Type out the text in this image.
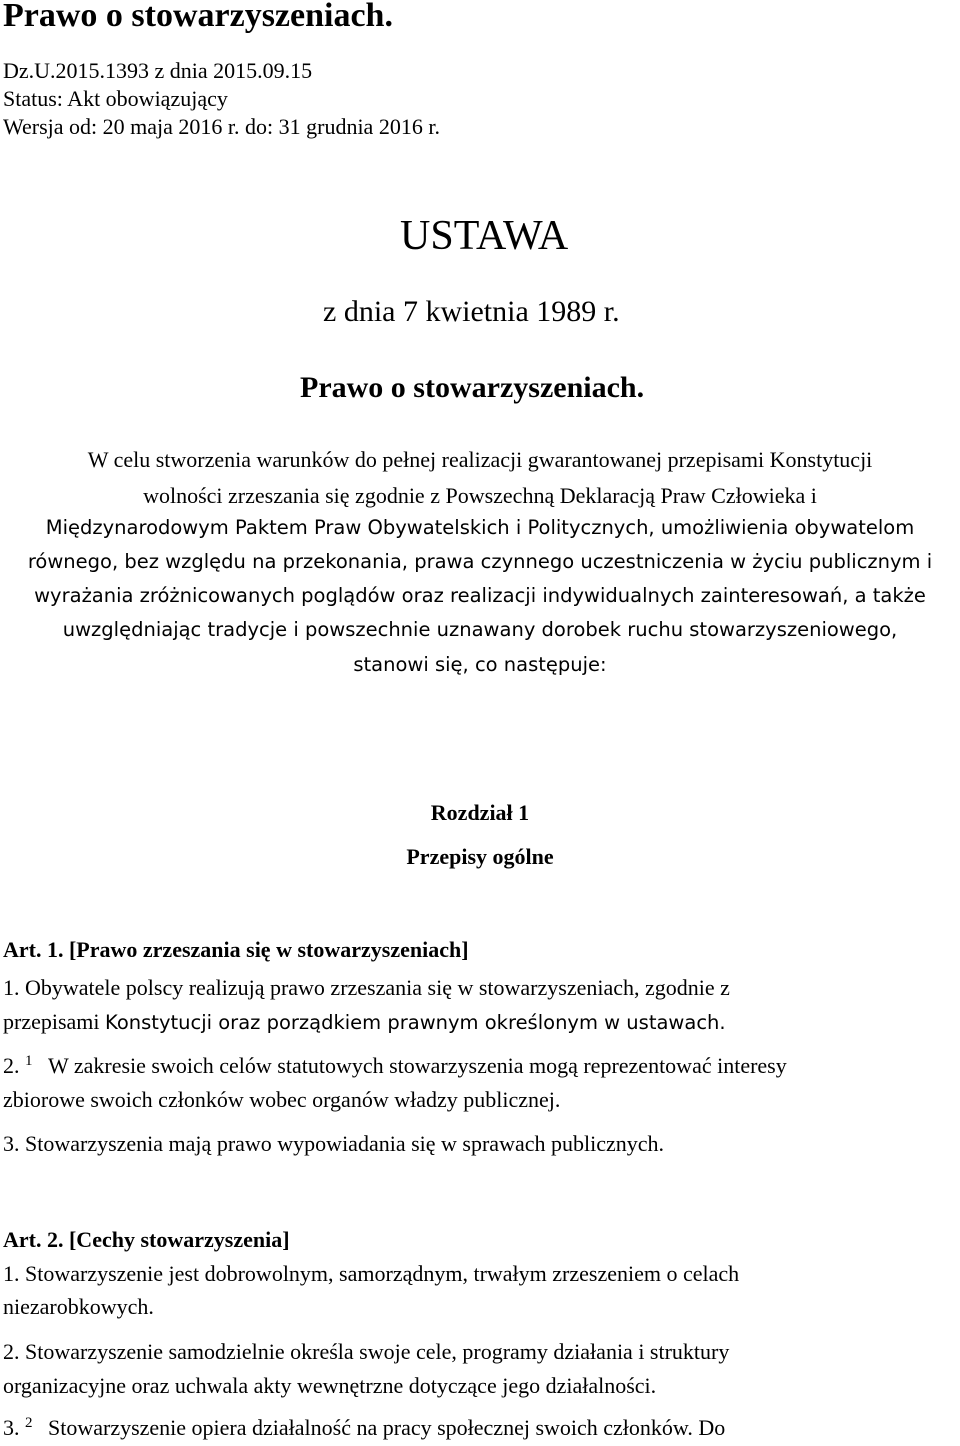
Prawo o stowarzyszeniach.
Dz.U.2015.1393 z dnia 2015.09.15
Status: Akt obowiązujący
Wersja od: 20 maja 2016 r. do: 31 grudnia 2016 r.
USTAWA
z dnia 7 kwietnia 1989 r.
Prawo o stowarzyszeniach.
W celu stworzenia warunków do pełnej realizacji gwarantowanej przepisami Konstytucji
wolności zrzeszania się zgodnie z Powszechną Deklaracją Praw Człowieka i
Międzynarodowym Paktem Praw Obywatelskich i Politycznych, umożliwienia obywatelom
równego, bez względu na przekonania, prawa czynnego uczestniczenia w życiu publicznym i
wyrażania zróżnicowanych poglądów oraz realizacji indywidualnych zainteresowań, a także
uwzględniając tradycje i powszechnie uznawany dorobek ruchu stowarzyszeniowego,
stanowi się, co następuje:
Rozdział 1
Przepisy ogólne
Art. 1. [Prawo zrzeszania się w stowarzyszeniach]
1. Obywatele polscy realizują prawo zrzeszania się w stowarzyszeniach, zgodnie z
przepisami Konstytucji oraz porządkiem prawnym określonym w ustawach.
2. $^1$ W zakresie swoich celów statutowych stowarzyszenia mogą reprezentować interesy
zbiorowe swoich członków wobec organów władzy publicznej.
3. Stowarzyszenia mają prawo wypowiadania się w sprawach publicznych.
Art. 2. [Cechy stowarzyszenia]
1. Stowarzyszenie jest dobrowolnym, samorządnym, trwałym zrzeszeniem o celach
niezarobkowych.
2. Stowarzyszenie samodzielnie określa swoje cele, programy działania i struktury
organizacyjne oraz uchwala akty wewnętrzne dotyczące jego działalności.
3. $^2$ Stowarzyszenie opiera działalność na pracy społecznej swoich członków. Do
